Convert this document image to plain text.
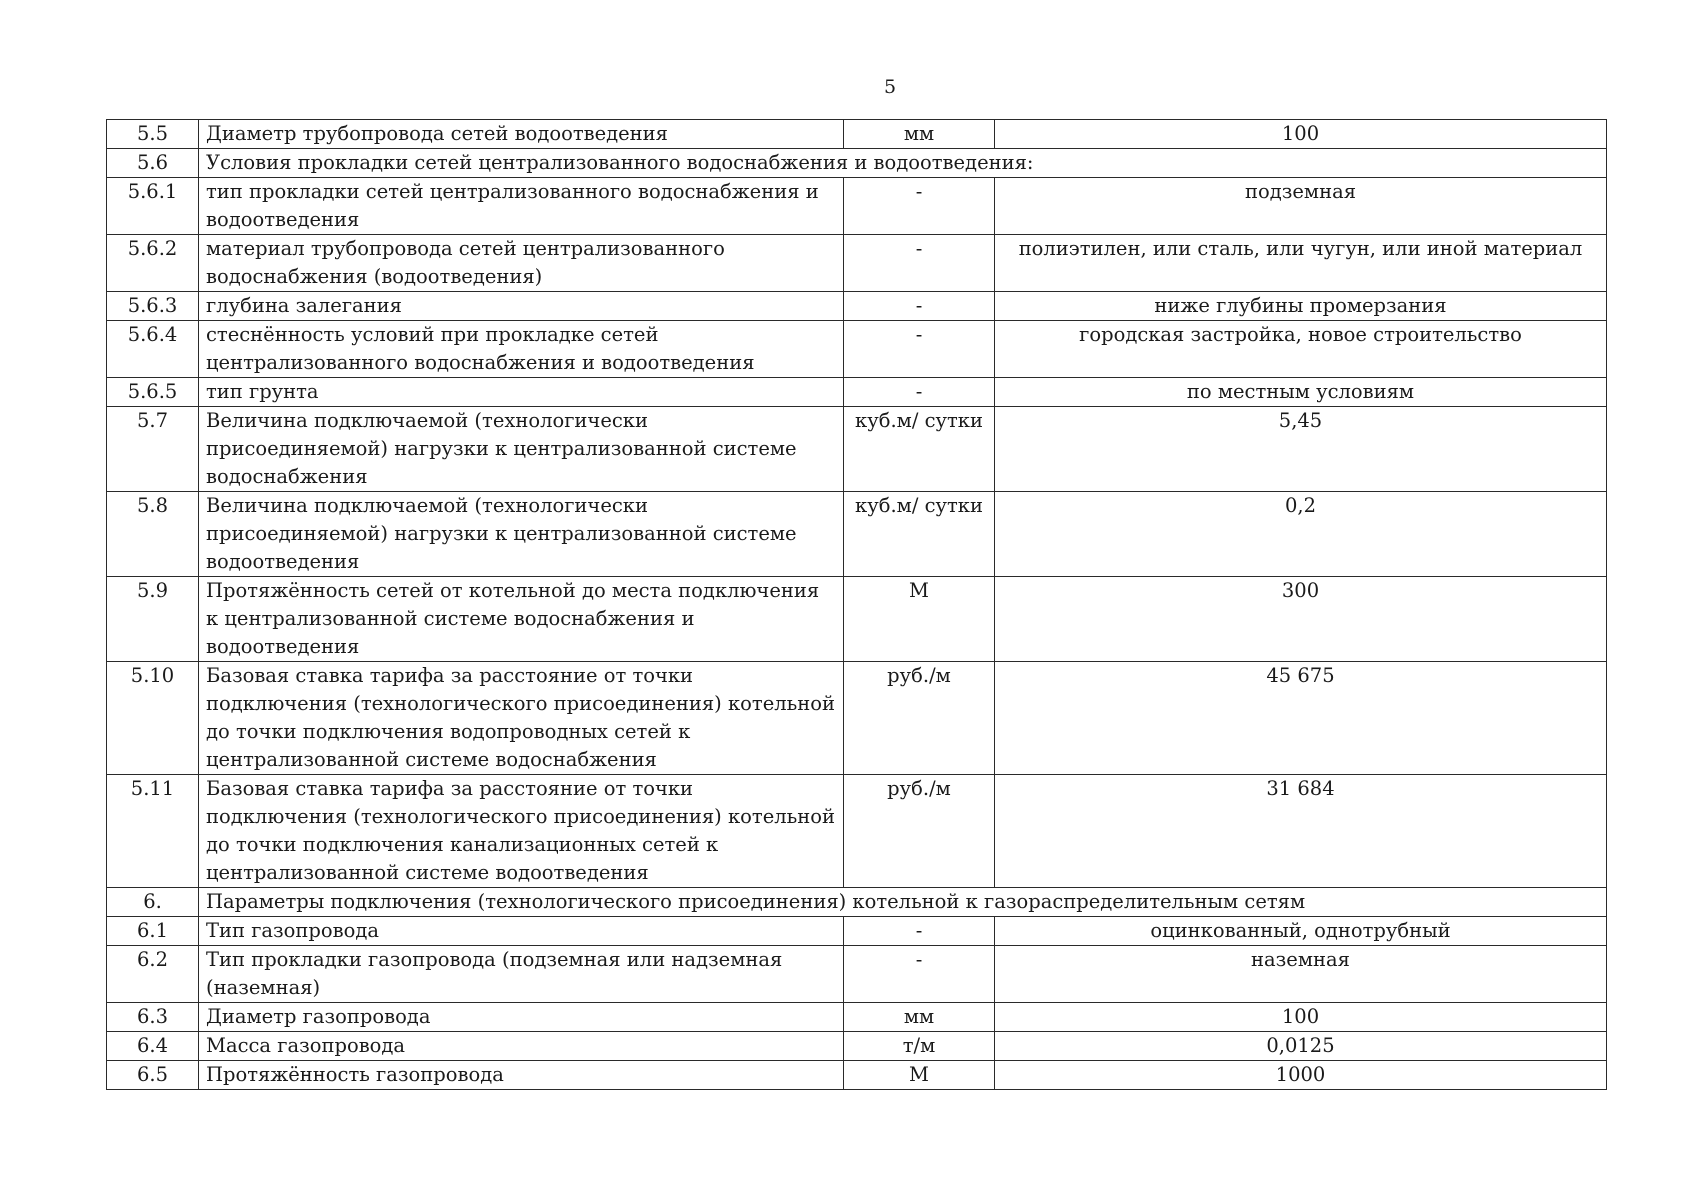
5
5.5	Диаметр трубопровода сетей водоотведения	мм	100
5.6	Условия прокладки сетей централизованного водоснабжения и водоотведения:		
5.6.1	тип прокладки сетей централизованного водоснабжения и водоотведения	-	подземная
5.6.2	материал трубопровода сетей централизованного водоснабжения (водоотведения)	-	полиэтилен, или сталь, или чугун, или иной материал
5.6.3	глубина залегания	-	ниже глубины промерзания
5.6.4	стеснённость условий при прокладке сетей централизованного водоснабжения и водоотведения	-	городская застройка, новое строительство
5.6.5	тип грунта	-	по местным условиям
5.7	Величина подключаемой (технологически присоединяемой) нагрузки к централизованной системе водоснабжения	куб.м/ сутки	5,45
5.8	Величина подключаемой (технологически присоединяемой) нагрузки к централизованной системе водоотведения	куб.м/ сутки	0,2
5.9	Протяжённость сетей от котельной до места подключения к централизованной системе водоснабжения и водоотведения	М	300
5.10	Базовая ставка тарифа за расстояние от точки подключения (технологического присоединения) котельной до точки подключения водопроводных сетей к централизованной системе водоснабжения	руб./м	45 675
5.11	Базовая ставка тарифа за расстояние от точки подключения (технологического присоединения) котельной до точки подключения канализационных сетей к централизованной системе водоотведения	руб./м	31 684
6.	Параметры подключения (технологического присоединения) котельной к газораспределительным сетям		
6.1	Тип газопровода	-	оцинкованный, однотрубный
6.2	Тип прокладки газопровода (подземная или надземная (наземная)	-	наземная
6.3	Диаметр газопровода	мм	100
6.4	Масса газопровода	т/м	0,0125
6.5	Протяжённость газопровода	М	1000
